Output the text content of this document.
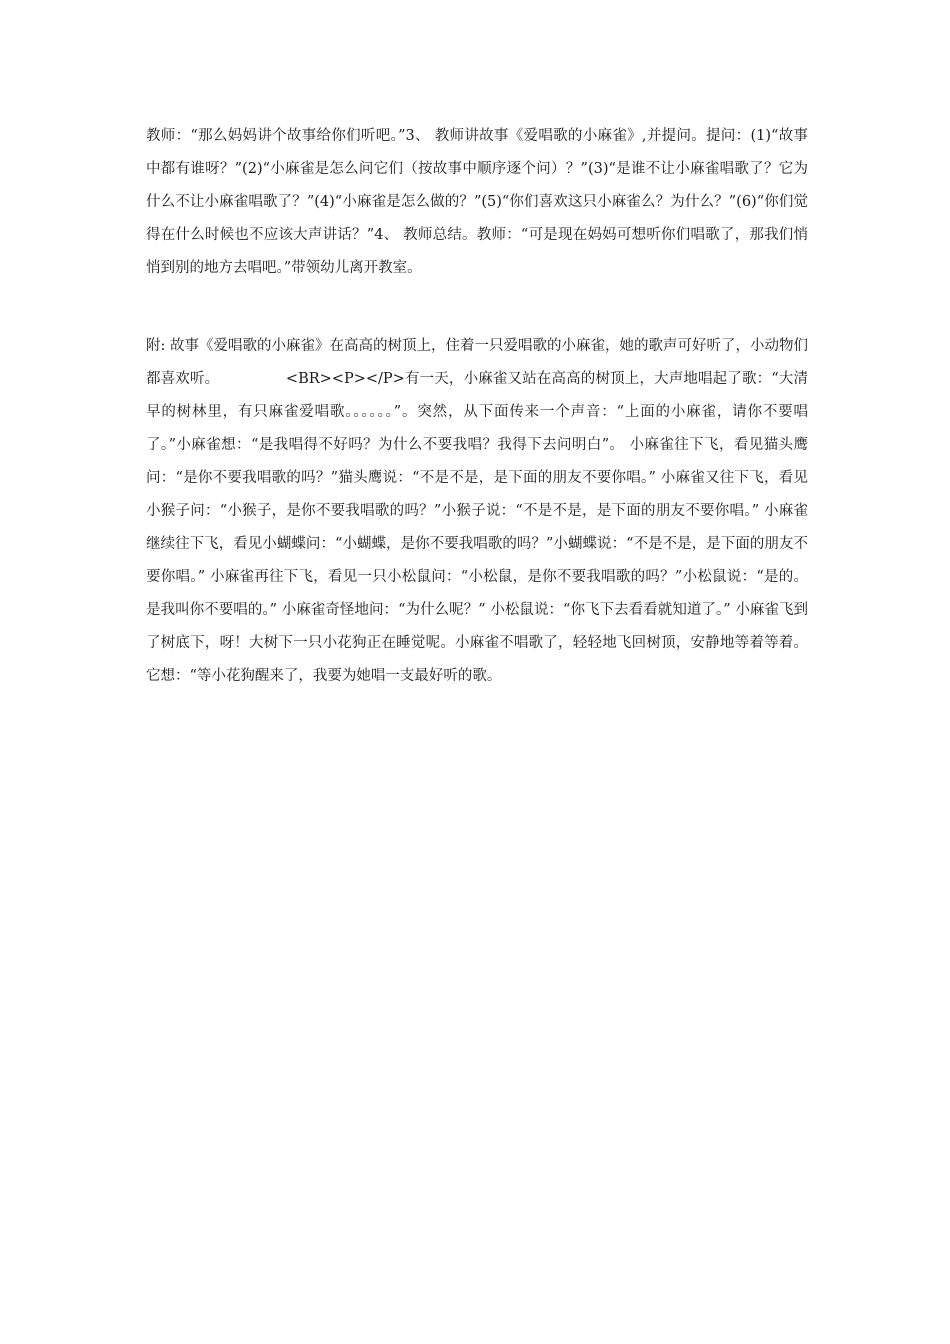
教师：“那么妈妈讲个故事给你们听吧。”3、 教师讲故事《爱唱歌的小麻雀》,并提问。提问：(1)“故事中都有谁呀？”(2)“小麻雀是怎么问它们（按故事中顺序逐个问）？”(3)“是谁不让小麻雀唱歌了？它为什么不让小麻雀唱歌了？”(4)“小麻雀是怎么做的？”(5)“你们喜欢这只小麻雀么？为什么？”(6)“你们觉得在什么时候也不应该大声讲话？”4、 教师总结。教师：“可是现在妈妈可想听你们唱歌了，那我们悄悄到别的地方去唱吧。”带领幼儿离开教室。

附: 故事《爱唱歌的小麻雀》在高高的树顶上，住着一只爱唱歌的小麻雀，她的歌声可好听了，小动物们都喜欢听。              <BR><P></P>有一天，小麻雀又站在高高的树顶上，大声地唱起了歌：“大清早的树林里，有只麻雀爱唱歌。。。。。。”。突然，从下面传来一个声音：“上面的小麻雀，请你不要唱了。”小麻雀想：“是我唱得不好吗？为什么不要我唱？我得下去问明白”。 小麻雀往下飞，看见猫头鹰问：“是你不要我唱歌的吗？”猫头鹰说：“不是不是，是下面的朋友不要你唱。” 小麻雀又往下飞，看见小猴子问：“小猴子，是你不要我唱歌的吗？”小猴子说：“不是不是，是下面的朋友不要你唱。” 小麻雀继续往下飞，看见小蝴蝶问：“小蝴蝶，是你不要我唱歌的吗？”小蝴蝶说：“不是不是，是下面的朋友不要你唱。” 小麻雀再往下飞，看见一只小松鼠问：“小松鼠，是你不要我唱歌的吗？”小松鼠说：“是的。是我叫你不要唱的。” 小麻雀奇怪地问：“为什么呢？” 小松鼠说：“你飞下去看看就知道了。” 小麻雀飞到了树底下，呀！大树下一只小花狗正在睡觉呢。小麻雀不唱歌了，轻轻地飞回树顶，安静地等着等着。它想：“等小花狗醒来了，我要为她唱一支最好听的歌。
